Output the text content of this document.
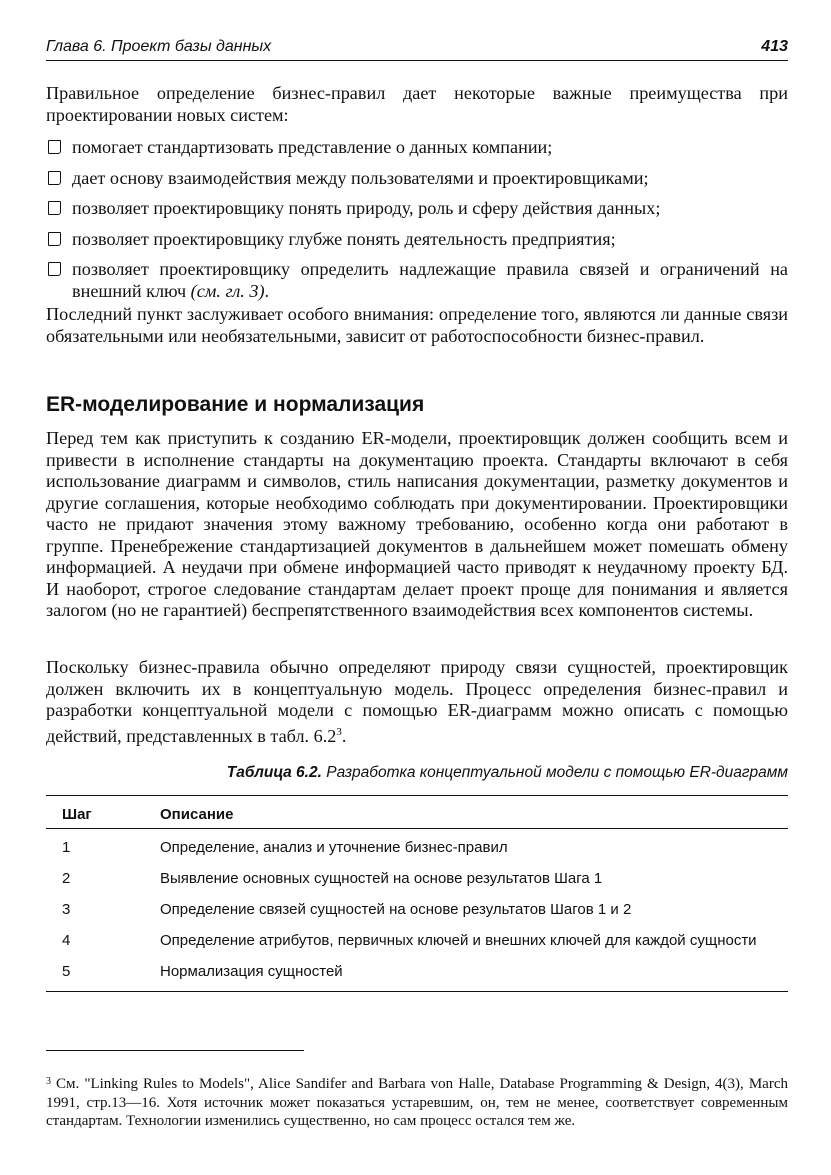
Глава 6. Проект базы данных	413

Правильное определение бизнес-правил дает некоторые важные преимущества при проектировании новых систем:

помогает стандартизовать представление о данных компании;
дает основу взаимодействия между пользователями и проектировщиками;
позволяет проектировщику понять природу, роль и сферу действия данных;
позволяет проектировщику глубже понять деятельность предприятия;
позволяет проектировщику определить надлежащие правила связей и ограничений на внешний ключ (см. гл. 3).

Последний пункт заслуживает особого внимания: определение того, являются ли данные связи обязательными или необязательными, зависит от работоспособности бизнес-правил.

ER-моделирование и нормализация

Перед тем как приступить к созданию ER-модели, проектировщик должен сообщить всем и привести в исполнение стандарты на документацию проекта. Стандарты включают в себя использование диаграмм и символов, стиль написания документации, разметку документов и другие соглашения, которые необходимо соблюдать при документировании. Проектировщики часто не придают значения этому важному требованию, особенно когда они работают в группе. Пренебрежение стандартизацией документов в дальнейшем может помешать обмену информацией. А неудачи при обмене информацией часто приводят к неудачному проекту БД. И наоборот, строгое следование стандартам делает проект проще для понимания и является залогом (но не гарантией) беспрепятственного взаимодействия всех компонентов системы.

Поскольку бизнес-правила обычно определяют природу связи сущностей, проектировщик должен включить их в концептуальную модель. Процесс определения бизнес-правил и разработки концептуальной модели с помощью ER-диаграмм можно описать с помощью действий, представленных в табл. $6.2^3$.

Таблица 6.2. Разработка концептуальной модели с помощью ER-диаграмм
Шаг	Описание
1	Определение, анализ и уточнение бизнес-правил
2	Выявление основных сущностей на основе результатов Шага 1
3	Определение связей сущностей на основе результатов Шагов 1 и 2
4	Определение атрибутов, первичных ключей и внешних ключей для каждой сущности
5	Нормализация сущностей

$^3$ См. "Linking Rules to Models", Alice Sandifer and Barbara von Halle, Database Programming & Design, 4(3), March 1991, стр.13—16. Хотя источник может показаться устаревшим, он, тем не менее, соответствует современным стандартам. Технологии изменились существенно, но сам процесс остался тем же.
